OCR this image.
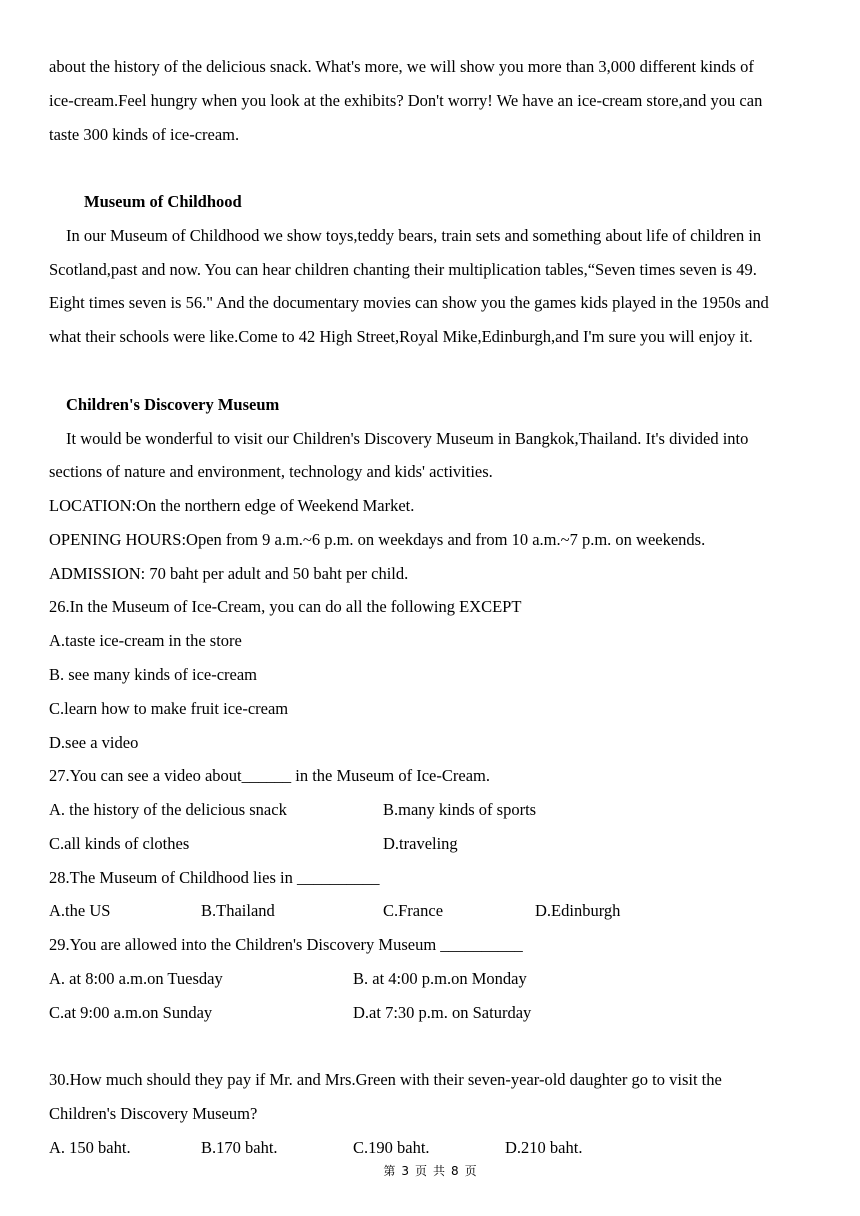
about the history of the delicious snack. What's more, we will show you more than 3,000 different kinds of
ice-cream.Feel hungry when you look at the exhibits? Don't worry! We have an ice-cream store,and you can
taste 300 kinds of ice-cream.
Museum of Childhood
In our Museum of Childhood we show toys,teddy bears, train sets and something about life of children in
Scotland,past and now. You can hear children chanting their multiplication tables,“Seven times seven is 49.
Eight times seven is 56." And the documentary movies can show you the games kids played in the 1950s and
what their schools were like.Come to 42 High Street,Royal Mike,Edinburgh,and I'm sure you will enjoy it.
Children's Discovery Museum
It would be wonderful to visit our Children's Discovery Museum in Bangkok,Thailand. It's divided into
sections of nature and environment, technology and kids' activities.
LOCATION:On the northern edge of Weekend Market.
OPENING HOURS:Open from 9 a.m.~6 p.m. on weekdays and from 10 a.m.~7 p.m. on weekends.
ADMISSION: 70 baht per adult and 50 baht per child.
26.In the Museum of Ice-Cream, you can do all the following EXCEPT
A.taste ice-cream in the store
B. see many kinds of ice-cream
C.learn how to make fruit ice-cream
D.see a video
27.You can see a video about______ in the Museum of Ice-Cream.
A. the history of the delicious snack	B.many kinds of sports
C.all kinds of clothes	D.traveling
28.The Museum of Childhood lies in __________
A.the US	B.Thailand	C.France	D.Edinburgh
29.You are allowed into the Children's Discovery Museum __________
A. at 8:00 a.m.on Tuesday	B. at 4:00 p.m.on Monday
C.at 9:00 a.m.on Sunday	D.at 7:30 p.m. on Saturday
30.How much should they pay if Mr. and Mrs.Green with their seven-year-old daughter go to visit the
Children's Discovery Museum?
A. 150 baht.	B.170 baht.	C.190 baht.	D.210 baht.
第 3 页 共 8 页
